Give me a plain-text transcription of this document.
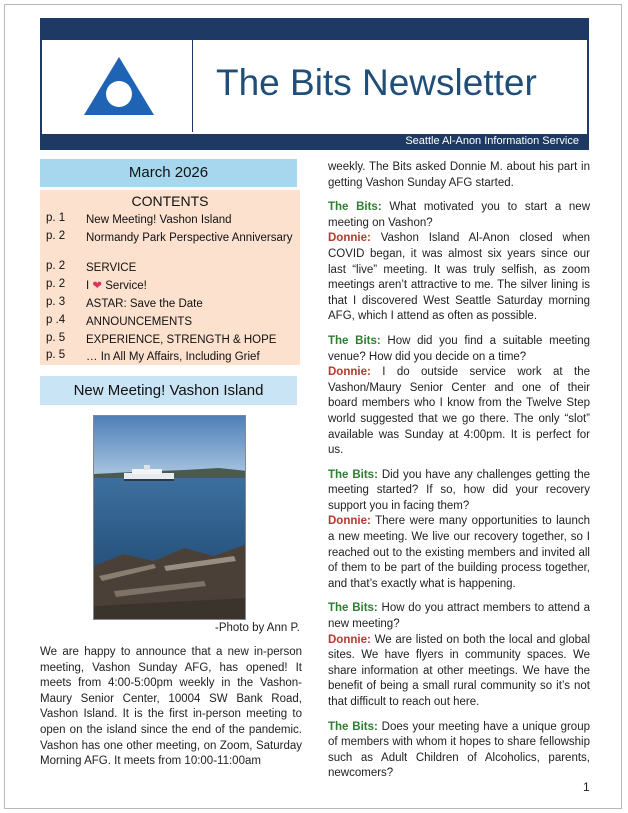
The Bits Newsletter
Seattle Al-Anon Information Service
March 2026
CONTENTS
p. 1	New Meeting! Vashon Island
p. 2	Normandy Park Perspective Anniversary
p. 2	SERVICE
p. 2	I ❤ Service!
p. 3	ASTAR: Save the Date
p .4	ANNOUNCEMENTS
p. 5	EXPERIENCE, STRENGTH & HOPE
p. 5	… In All My Affairs, Including Grief
New Meeting! Vashon Island
-Photo by Ann P.
We are happy to announce that a new in-person meeting, Vashon Sunday AFG, has opened! It meets from 4:00-5:00pm weekly in the Vashon-Maury Senior Center, 10004 SW Bank Road, Vashon Island. It is the first in-person meeting to open on the island since the end of the pandemic. Vashon has one other meeting, on Zoom, Saturday Morning AFG. It meets from 10:00-11:00am

weekly. The Bits asked Donnie M. about his part in getting Vashon Sunday AFG started.

The Bits: What motivated you to start a new meeting on Vashon?
Donnie: Vashon Island Al-Anon closed when COVID began, it was almost six years since our last “live” meeting. It was truly selfish, as zoom meetings aren’t attractive to me. The silver lining is that I discovered West Seattle Saturday morning AFG, which I attend as often as possible.

The Bits: How did you find a suitable meeting venue? How did you decide on a time?
Donnie: I do outside service work at the Vashon/Maury Senior Center and one of their board members who I know from the Twelve Step world suggested that we go there. The only “slot” available was Sunday at 4:00pm. It is perfect for us.

The Bits: Did you have any challenges getting the meeting started? If so, how did your recovery support you in facing them?
Donnie: There were many opportunities to launch a new meeting. We live our recovery together, so I reached out to the existing members and invited all of them to be part of the building process together, and that’s exactly what is happening.

The Bits: How do you attract members to attend a new meeting?
Donnie: We are listed on both the local and global sites. We have flyers in community spaces. We share information at other meetings. We have the benefit of being a small rural community so it’s not that difficult to reach out here.

The Bits: Does your meeting have a unique group of members with whom it hopes to share fellowship such as Adult Children of Alcoholics, parents, newcomers?

1
